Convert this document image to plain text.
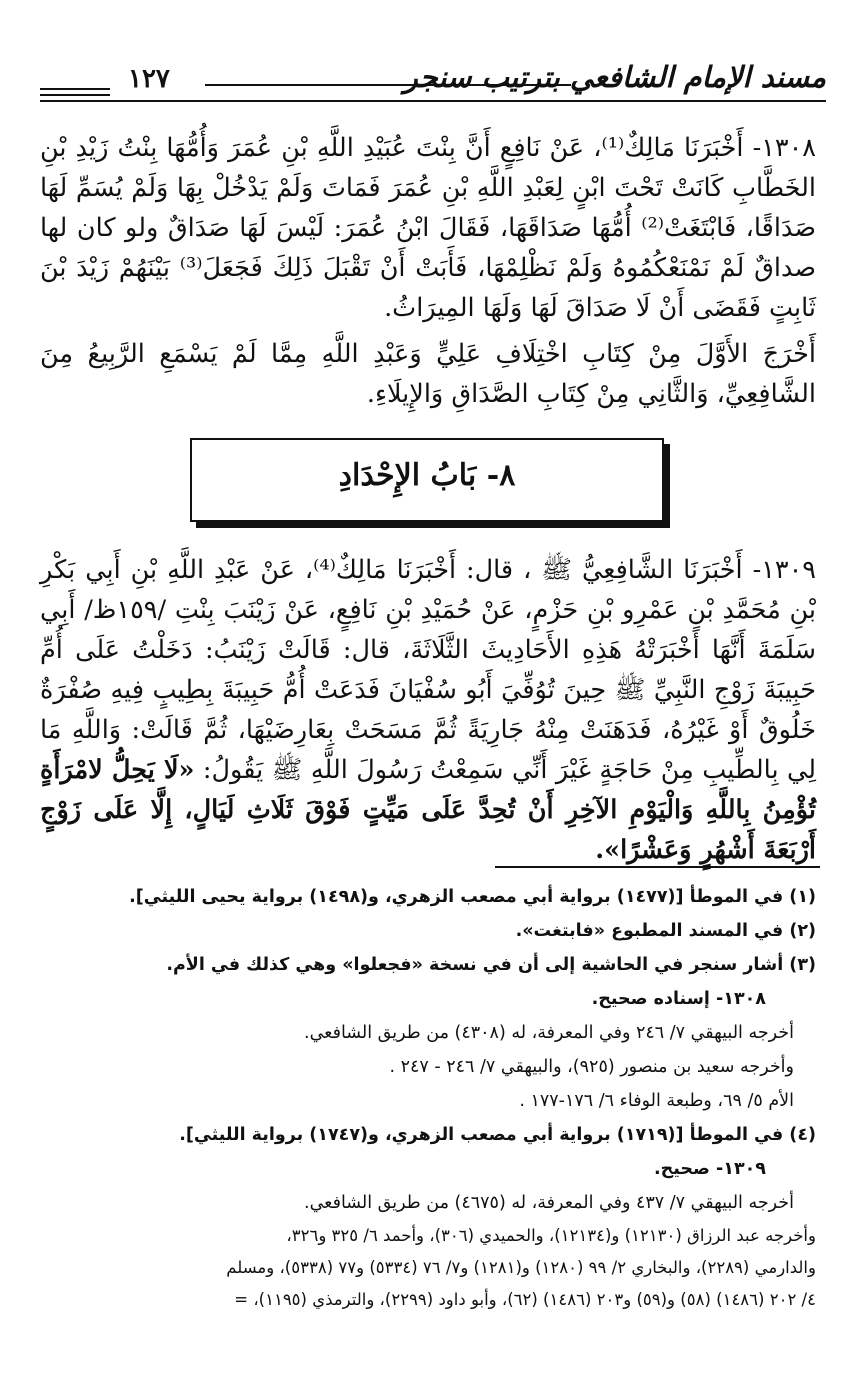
مسند الإمام الشافعي بترتيب سنجر
١٢٧

١٣٠٨- أَخْبَرَنَا مَالِكٌ⁽¹⁾، عَنْ نَافِعٍ أَنَّ بِنْتَ عُبَيْدِ اللَّهِ بْنِ عُمَرَ وَأُمُّهَا بِنْتُ زَيْدِ بْنِ الخَطَّابِ كَانَتْ تَحْتَ ابْنٍ لِعَبْدِ اللَّهِ بْنِ عُمَرَ فَمَاتَ وَلَمْ يَدْخُلْ بِهَا وَلَمْ يُسَمِّ لَهَا صَدَاقًا، فَابْتَغَتْ⁽²⁾ أُمُّهَا صَدَاقَهَا، فَقَالَ ابْنُ عُمَرَ: لَيْسَ لَهَا صَدَاقٌ ولو كان لها صداقٌ لَمْ نَمْنَعْكُمُوهُ وَلَمْ نَظْلِمْهَا، فَأَبَتْ أَنْ تَقْبَلَ ذَلِكَ فَجَعَلَ⁽³⁾ بَيْنَهُمْ زَيْدَ بْنَ ثَابِتٍ فَقَضَى أَنْ لَا صَدَاقَ لَهَا وَلَهَا المِيرَاثُ.

أَخْرَجَ الأَوَّلَ مِنْ كِتَابِ اخْتِلَافِ عَلِيٍّ وَعَبْدِ اللَّهِ مِمَّا لَمْ يَسْمَعِ الرَّبِيعُ مِنَ الشَّافِعِيِّ، وَالثَّانِي مِنْ كِتَابِ الصَّدَاقِ وَالإِيلَاءِ.

٨- بَابُ الإِحْدَادِ

١٣٠٩- أَخْبَرَنَا الشَّافِعِيُّ ﷺ ، قال: أَخْبَرَنَا مَالِكٌ⁽⁴⁾، عَنْ عَبْدِ اللَّهِ بْنِ أَبِي بَكْرِ بْنِ مُحَمَّدِ بْنِ عَمْرِو بْنِ حَزْمٍ، عَنْ حُمَيْدِ بْنِ نَافِعٍ، عَنْ زَيْنَبَ بِنْتِ /١٥٩ظ/ أَبِي سَلَمَةَ أَنَّهَا أَخْبَرَتْهُ هَذِهِ الأَحَادِيثَ الثَّلَاثَةَ، قال: قَالَتْ زَيْنَبُ: دَخَلْتُ عَلَى أُمِّ حَبِيبَةَ زَوْجِ النَّبِيِّ ﷺ حِينَ تُوُفِّيَ أَبُو سُفْيَانَ فَدَعَتْ أُمُّ حَبِيبَةَ بِطِيبٍ فِيهِ صُفْرَةٌ خَلُوقٌ أَوْ غَيْرُهُ، فَدَهَنَتْ مِنْهُ جَارِيَةً ثُمَّ مَسَحَتْ بِعَارِضَيْهَا، ثُمَّ قَالَتْ: وَاللَّهِ مَا لِي بِالطِّيبِ مِنْ حَاجَةٍ غَيْرَ أَنِّي سَمِعْتُ رَسُولَ اللَّهِ ﷺ يَقُولُ: «لَا يَحِلُّ لامْرَأَةٍ تُؤْمِنُ بِاللَّهِ وَالْيَوْمِ الآخِرِ أَنْ تُحِدَّ عَلَى مَيِّتٍ فَوْقَ ثَلَاثِ لَيَالٍ، إِلَّا عَلَى زَوْجٍ أَرْبَعَةَ أَشْهُرٍ وَعَشْرًا».

(١) في الموطأ [(١٤٧٧) برواية أبي مصعب الزهري، و(١٤٩٨) برواية يحيى الليثي].
(٢) في المسند المطبوع «فابتغت».
(٣) أشار سنجر في الحاشية إلى أن في نسخة «فجعلوا» وهي كذلك في الأم.
١٣٠٨- إسناده صحيح.
أخرجه البيهقي ٧/ ٢٤٦ وفي المعرفة، له (٤٣٠٨) من طريق الشافعي.
وأخرجه سعيد بن منصور (٩٢٥)، والبيهقي ٧/ ٢٤٦ - ٢٤٧ .
الأم ٥/ ٦٩، وطبعة الوفاء ٦/ ١٧٦-١٧٧ .
(٤) في الموطأ [(١٧١٩) برواية أبي مصعب الزهري، و(١٧٤٧) برواية الليثي].
١٣٠٩- صحيح.
أخرجه البيهقي ٧/ ٤٣٧ وفي المعرفة، له (٤٦٧٥) من طريق الشافعي.
وأخرجه عبد الرزاق (١٢١٣٠) و(١٢١٣٤)، والحميدي (٣٠٦)، وأحمد ٦/ ٣٢٥ و٣٢٦،
والدارمي (٢٢٨٩)، والبخاري ٢/ ٩٩ (١٢٨٠) و(١٢٨١) و٧/ ٧٦ (٥٣٣٤) و٧٧ (٥٣٣٨)، ومسلم
٤/ ٢٠٢ (١٤٨٦) (٥٨) و(٥٩) و٢٠٣ (١٤٨٦) (٦٢)، وأبو داود (٢٢٩٩)، والترمذي (١١٩٥)، =
